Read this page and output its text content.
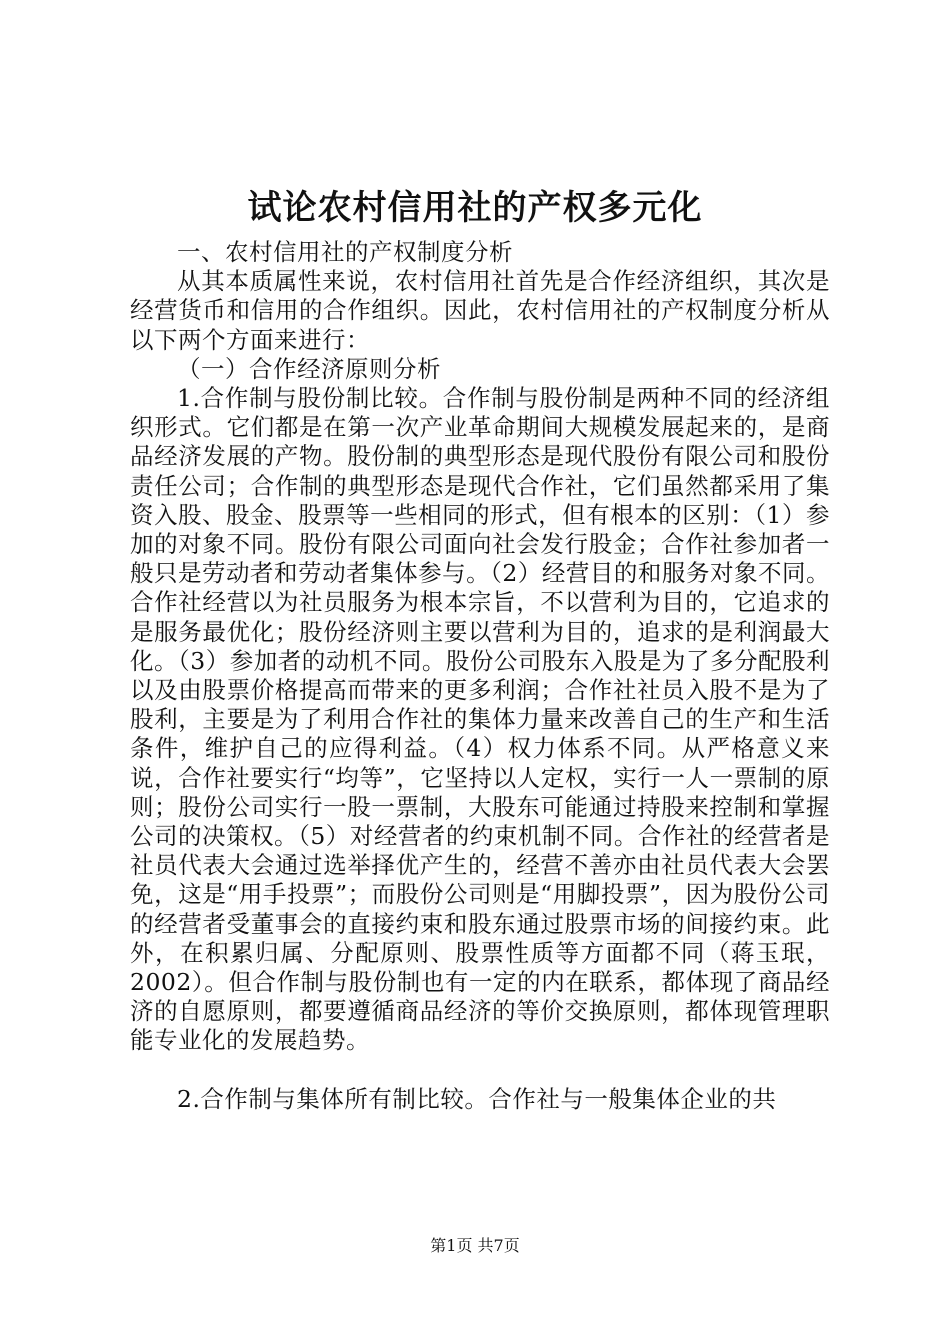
试论农村信用社的产权多元化

一、农村信用社的产权制度分析

从其本质属性来说，农村信用社首先是合作经济组织，其次是经营货币和信用的合作组织。因此，农村信用社的产权制度分析从以下两个方面来进行：

（一）合作经济原则分析

1.合作制与股份制比较。合作制与股份制是两种不同的经济组织形式。它们都是在第一次产业革命期间大规模发展起来的，是商品经济发展的产物。股份制的典型形态是现代股份有限公司和股份责任公司；合作制的典型形态是现代合作社，它们虽然都采用了集资入股、股金、股票等一些相同的形式，但有根本的区别：（1）参加的对象不同。股份有限公司面向社会发行股金；合作社参加者一般只是劳动者和劳动者集体参与。（2）经营目的和服务对象不同。合作社经营以为社员服务为根本宗旨，不以营利为目的，它追求的是服务最优化；股份经济则主要以营利为目的，追求的是利润最大化。（3）参加者的动机不同。股份公司股东入股是为了多分配股利以及由股票价格提高而带来的更多利润；合作社社员入股不是为了股利，主要是为了利用合作社的集体力量来改善自己的生产和生活条件，维护自己的应得利益。（4）权力体系不同。从严格意义来说，合作社要实行“均等”，它坚持以人定权，实行一人一票制的原则；股份公司实行一股一票制，大股东可能通过持股来控制和掌握公司的决策权。（5）对经营者的约束机制不同。合作社的经营者是社员代表大会通过选举择优产生的，经营不善亦由社员代表大会罢免，这是“用手投票”；而股份公司则是“用脚投票”，因为股份公司的经营者受董事会的直接约束和股东通过股票市场的间接约束。此外，在积累归属、分配原则、股票性质等方面都不同（蒋玉珉，2002）。但合作制与股份制也有一定的内在联系，都体现了商品经济的自愿原则，都要遵循商品经济的等价交换原则，都体现管理职能专业化的发展趋势。

2.合作制与集体所有制比较。合作社与一般集体企业的共

第1页 共7页
